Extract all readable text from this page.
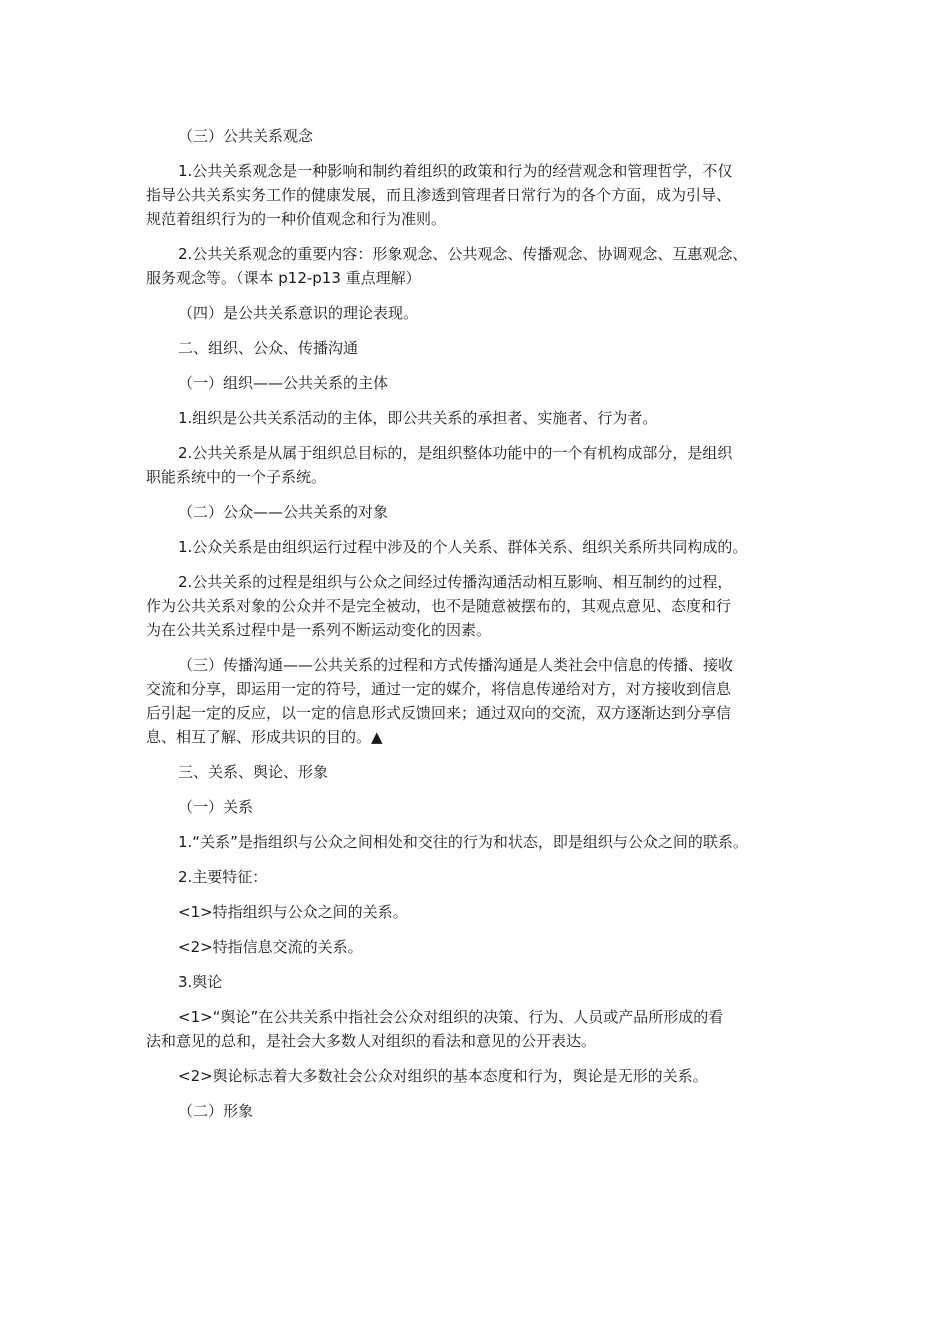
（三）公共关系观念

1.公共关系观念是一种影响和制约着组织的政策和行为的经营观念和管理哲学，不仅
指导公共关系实务工作的健康发展，而且渗透到管理者日常行为的各个方面，成为引导、
规范着组织行为的一种价值观念和行为准则。

2.公共关系观念的重要内容：形象观念、公共观念、传播观念、协调观念、互惠观念、
服务观念等。（课本 p12-p13 重点理解）

（四）是公共关系意识的理论表现。

二、组织、公众、传播沟通

（一）组织——公共关系的主体

1.组织是公共关系活动的主体，即公共关系的承担者、实施者、行为者。

2.公共关系是从属于组织总目标的，是组织整体功能中的一个有机构成部分，是组织
职能系统中的一个子系统。

（二）公众——公共关系的对象

1.公众关系是由组织运行过程中涉及的个人关系、群体关系、组织关系所共同构成的。

2.公共关系的过程是组织与公众之间经过传播沟通活动相互影响、相互制约的过程，
作为公共关系对象的公众并不是完全被动，也不是随意被摆布的，其观点意见、态度和行
为在公共关系过程中是一系列不断运动变化的因素。

（三）传播沟通——公共关系的过程和方式传播沟通是人类社会中信息的传播、接收
交流和分享，即运用一定的符号，通过一定的媒介，将信息传递给对方，对方接收到信息
后引起一定的反应，以一定的信息形式反馈回来；通过双向的交流，双方逐渐达到分享信
息、相互了解、形成共识的目的。▲

三、关系、舆论、形象

（一）关系

1.“关系”是指组织与公众之间相处和交往的行为和状态，即是组织与公众之间的联系。

2.主要特征：

<1>特指组织与公众之间的关系。

<2>特指信息交流的关系。

3.舆论

<1>“舆论”在公共关系中指社会公众对组织的决策、行为、人员或产品所形成的看
法和意见的总和，是社会大多数人对组织的看法和意见的公开表达。

<2>舆论标志着大多数社会公众对组织的基本态度和行为，舆论是无形的关系。

（二）形象
